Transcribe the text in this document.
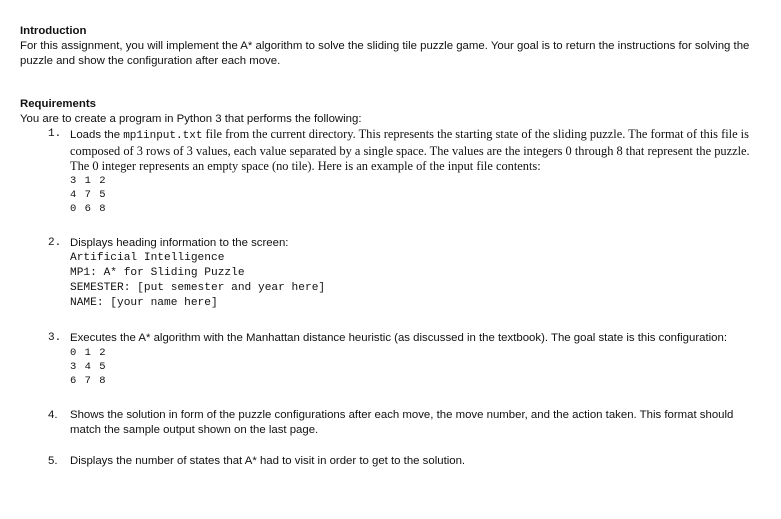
Introduction

For this assignment, you will implement the A* algorithm to solve the sliding tile puzzle game. Your goal is to return the instructions for solving the puzzle and show the configuration after each move.

Requirements

You are to create a program in Python 3 that performs the following:

1. Loads the mp1input.txt file from the current directory. This represents the starting state of the sliding puzzle. The format of this file is composed of 3 rows of 3 values, each value separated by a single space. The values are the integers 0 through 8 that represent the puzzle. The 0 integer represents an empty space (no tile). Here is an example of the input file contents:
3 1 2
4 7 5
0 6 8
2. Displays heading information to the screen:
Artificial Intelligence
MP1: A* for Sliding Puzzle
SEMESTER: [put semester and year here]
NAME: [your name here]
3. Executes the A* algorithm with the Manhattan distance heuristic (as discussed in the textbook). The goal state is this configuration:
0 1 2
3 4 5
6 7 8
4. Shows the solution in form of the puzzle configurations after each move, the move number, and the action taken. This format should match the sample output shown on the last page.
5. Displays the number of states that A* had to visit in order to get to the solution.
